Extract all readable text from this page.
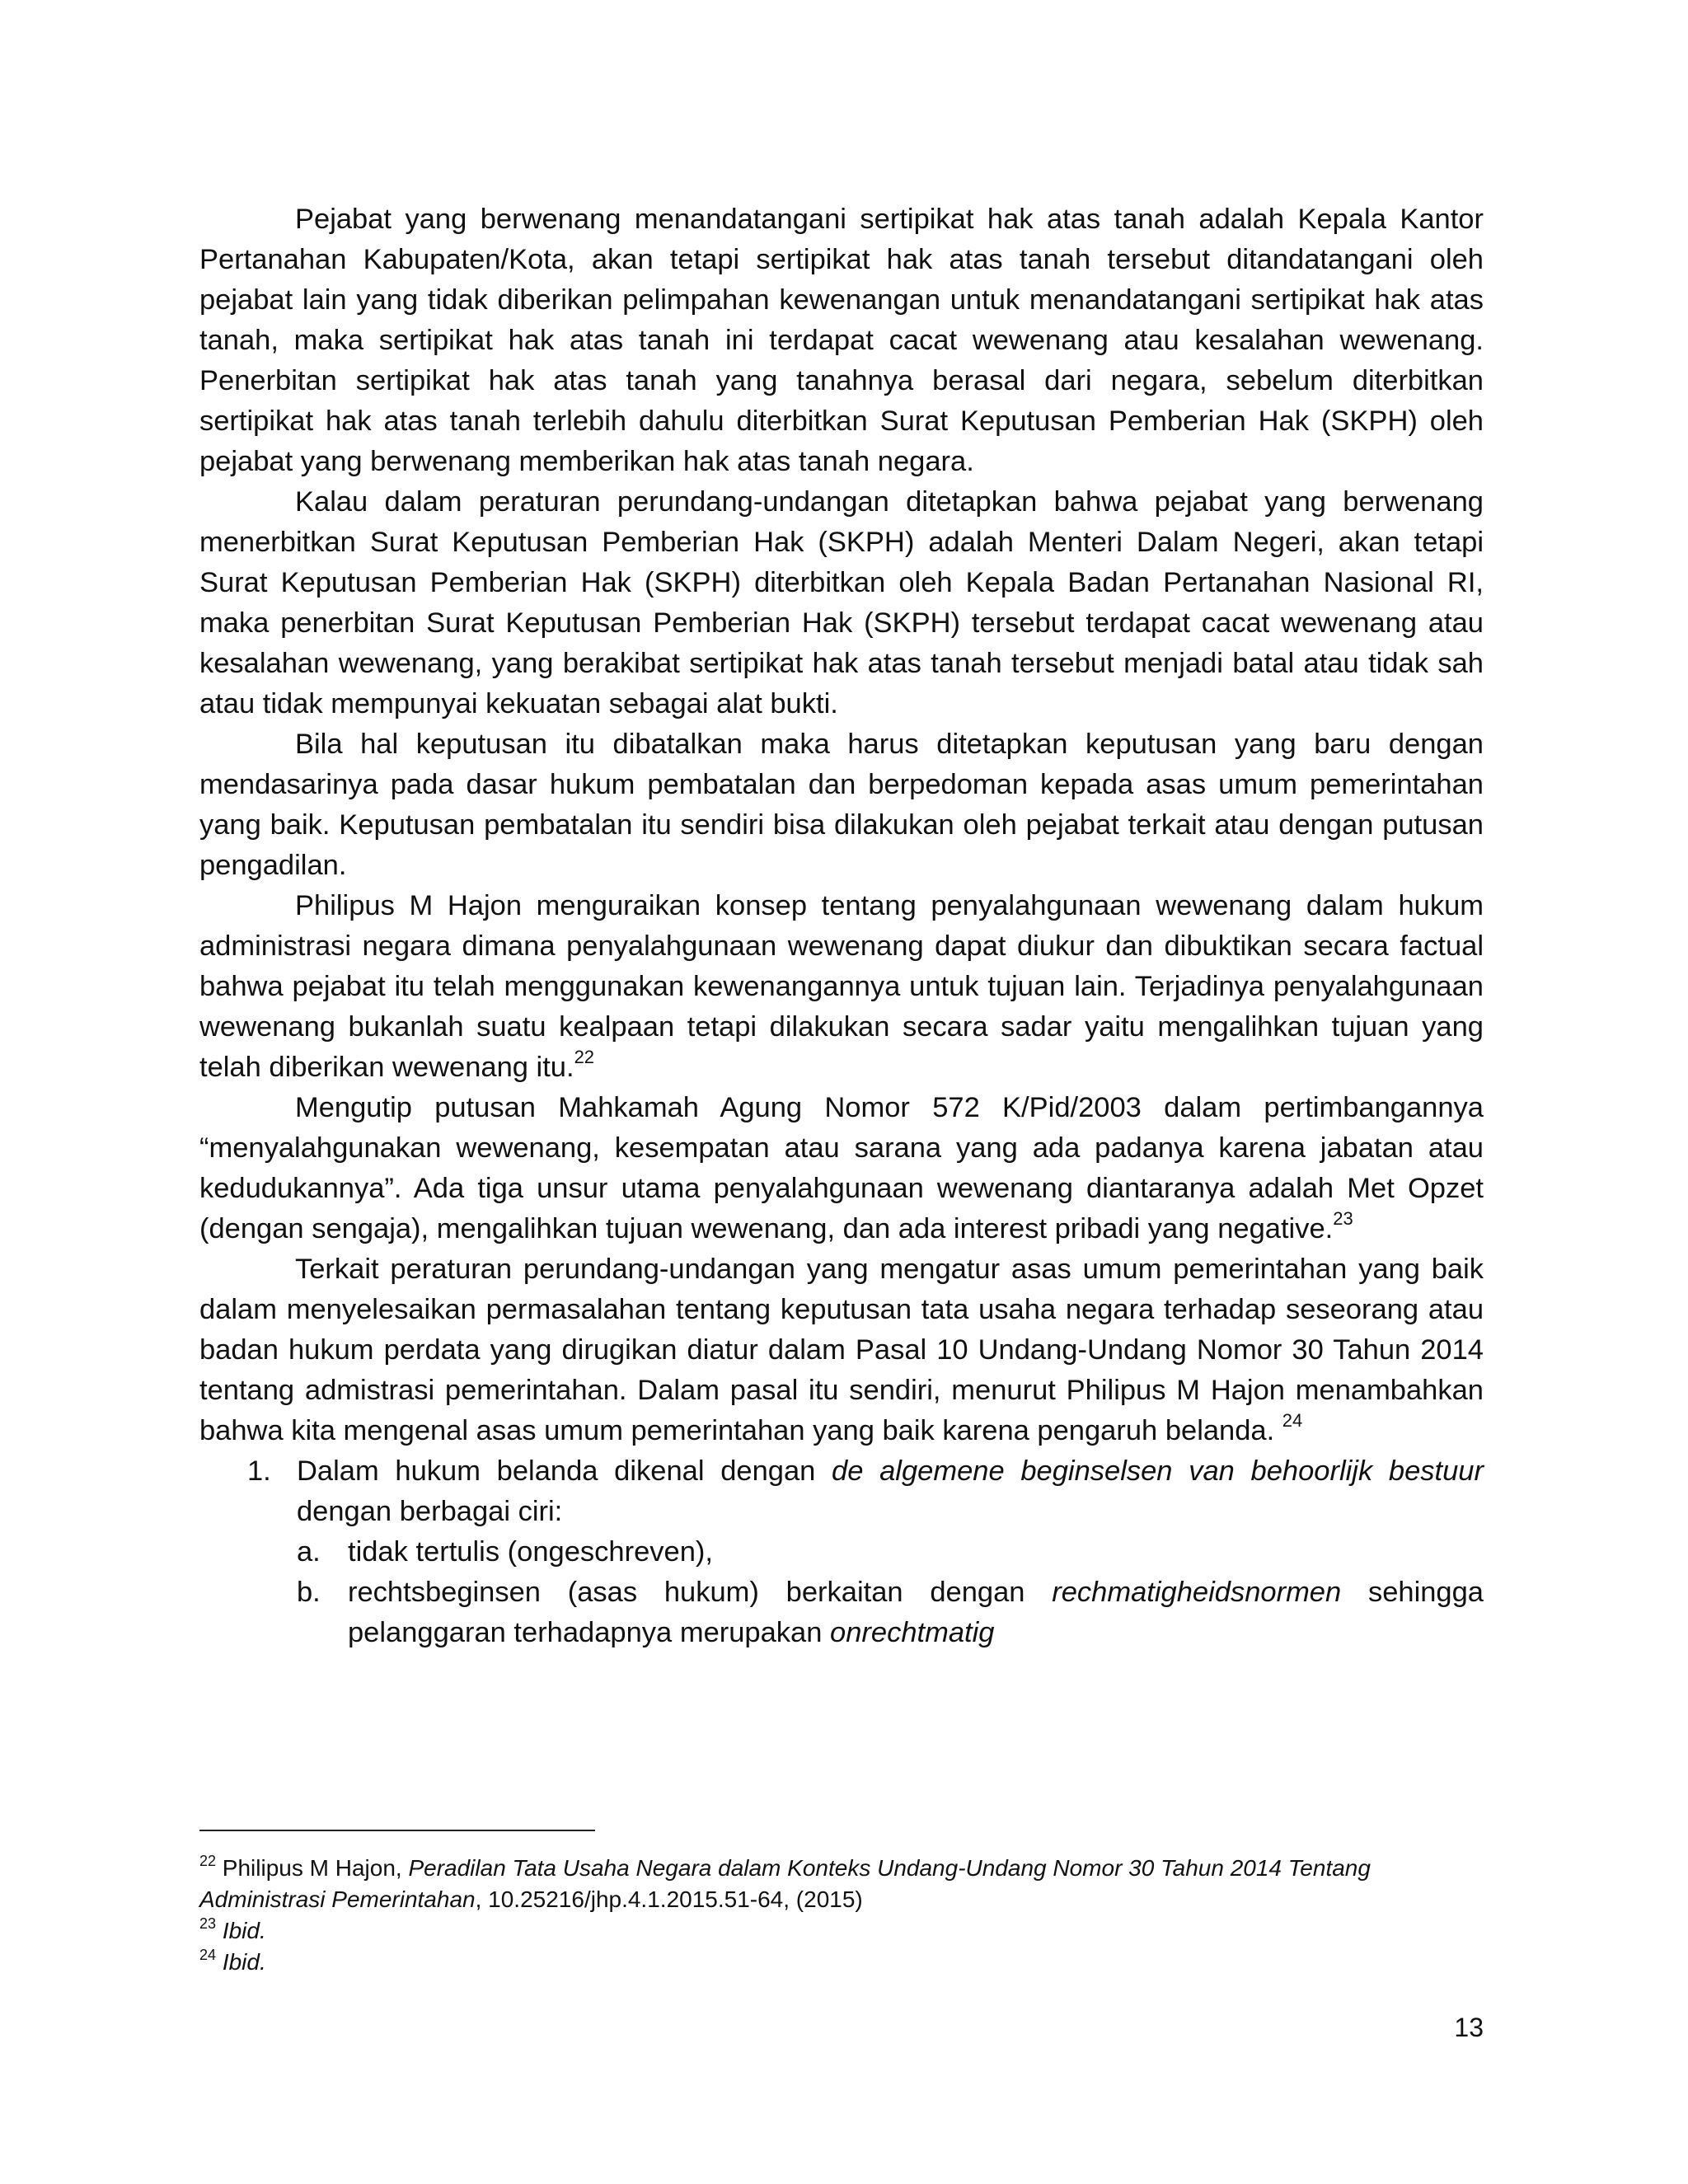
Pejabat yang berwenang menandatangani sertipikat hak atas tanah adalah Kepala Kantor Pertanahan Kabupaten/Kota, akan tetapi sertipikat hak atas tanah tersebut ditandatangani oleh pejabat lain yang tidak diberikan pelimpahan kewenangan untuk menandatangani sertipikat hak atas tanah, maka sertipikat hak atas tanah ini terdapat cacat wewenang atau kesalahan wewenang. Penerbitan sertipikat hak atas tanah yang tanahnya berasal dari negara, sebelum diterbitkan sertipikat hak atas tanah terlebih dahulu diterbitkan Surat Keputusan Pemberian Hak (SKPH) oleh pejabat yang berwenang memberikan hak atas tanah negara.

Kalau dalam peraturan perundang-undangan ditetapkan bahwa pejabat yang berwenang menerbitkan Surat Keputusan Pemberian Hak (SKPH) adalah Menteri Dalam Negeri, akan tetapi Surat Keputusan Pemberian Hak (SKPH) diterbitkan oleh Kepala Badan Pertanahan Nasional RI, maka penerbitan Surat Keputusan Pemberian Hak (SKPH) tersebut terdapat cacat wewenang atau kesalahan wewenang, yang berakibat sertipikat hak atas tanah tersebut menjadi batal atau tidak sah atau tidak mempunyai kekuatan sebagai alat bukti.

Bila hal keputusan itu dibatalkan maka harus ditetapkan keputusan yang baru dengan mendasarinya pada dasar hukum pembatalan dan berpedoman kepada asas umum pemerintahan yang baik. Keputusan pembatalan itu sendiri bisa dilakukan oleh pejabat terkait atau dengan putusan pengadilan.

Philipus M Hajon menguraikan konsep tentang penyalahgunaan wewenang dalam hukum administrasi negara dimana penyalahgunaan wewenang dapat diukur dan dibuktikan secara factual bahwa pejabat itu telah menggunakan kewenangannya untuk tujuan lain. Terjadinya penyalahgunaan wewenang bukanlah suatu kealpaan tetapi dilakukan secara sadar yaitu mengalihkan tujuan yang telah diberikan wewenang itu.$^{22}$

Mengutip putusan Mahkamah Agung Nomor 572 K/Pid/2003 dalam pertimbangannya “menyalahgunakan wewenang, kesempatan atau sarana yang ada padanya karena jabatan atau kedudukannya”. Ada tiga unsur utama penyalahgunaan wewenang diantaranya adalah Met Opzet (dengan sengaja), mengalihkan tujuan wewenang, dan ada interest pribadi yang negative.$^{23}$

Terkait peraturan perundang-undangan yang mengatur asas umum pemerintahan yang baik dalam menyelesaikan permasalahan tentang keputusan tata usaha negara terhadap seseorang atau badan hukum perdata yang dirugikan diatur dalam Pasal 10 Undang-Undang Nomor 30 Tahun 2014 tentang admistrasi pemerintahan. Dalam pasal itu sendiri, menurut Philipus M Hajon menambahkan bahwa kita mengenal asas umum pemerintahan yang baik karena pengaruh belanda. $^{24}$

1. Dalam hukum belanda dikenal dengan de algemene beginselsen van behoorlijk bestuur dengan berbagai ciri:
a. tidak tertulis (ongeschreven),
b. rechtsbeginsen (asas hukum) berkaitan dengan rechmatigheidsnormen sehingga pelanggaran terhadapnya merupakan onrechtmatig

$^{22}$ Philipus M Hajon, Peradilan Tata Usaha Negara dalam Konteks Undang-Undang Nomor 30 Tahun 2014 Tentang Administrasi Pemerintahan, 10.25216/jhp.4.1.2015.51-64, (2015)

$^{23}$ Ibid.

$^{24}$ Ibid.

13
